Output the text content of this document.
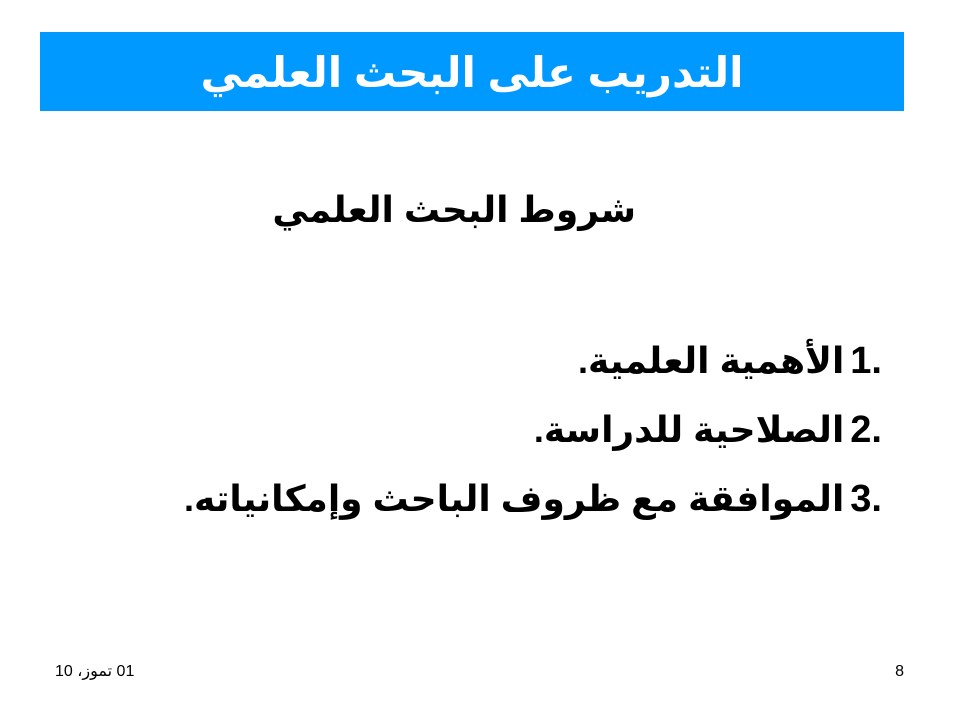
التدريب على البحث العلمي
شروط البحث العلمي
1.
الأهمية العلمية.
2.
الصلاحية للدراسة.
3.
الموافقة مع ظروف الباحث وإمكانياته.
01 تموز، 10	8
